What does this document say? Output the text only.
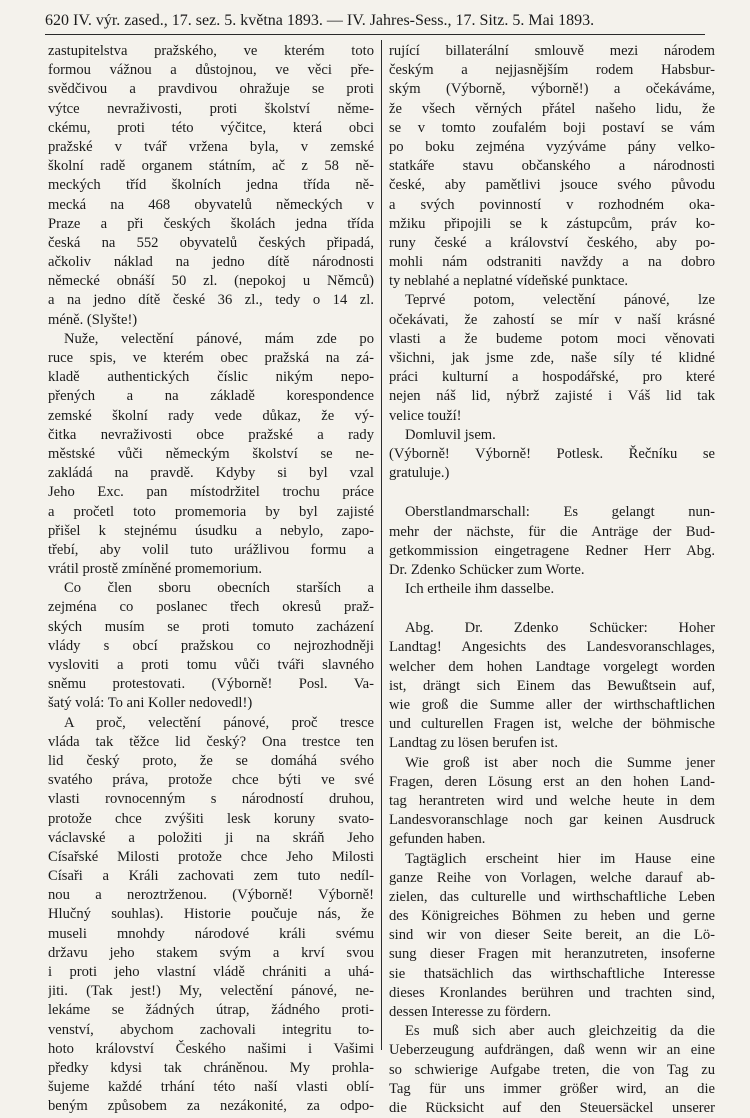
620 IV. výr. zased., 17. sez. 5. května 1893. — IV. Jahres-Sess., 17. Sitz. 5. Mai 1893.
zastupitelstva pražského, ve kterém toto
formou vážnou a důstojnou, ve věci pře-
svědčivou a pravdivou ohražuje se proti
výtce nevraživosti, proti školství něme-
ckému, proti této výčitce, která obci
pražské v tvář vržena byla, v zemské
školní radě organem státním, ač z 58 ně-
meckých tříd školních jedna třída ně-
mecká na 468 obyvatelů německých v
Praze a při českých školách jedna třída
česká na 552 obyvatelů českých připadá,
ačkoliv náklad na jedno dítě národnosti
německé obnáší 50 zl. (nepokoj u Němců)
a na jedno dítě české 36 zl., tedy o 14 zl.
méně. (Slyšte!)
Nuže, velectění pánové, mám zde po
ruce spis, ve kterém obec pražská na zá-
kladě authentických číslic nikým nepo-
přených a na základě korespondence
zemské školní rady vede důkaz, že vý-
čitka nevraživosti obce pražské a rady
městské vůči německým školství se ne-
zakládá na pravdě. Kdyby si byl vzal
Jeho Exc. pan místodržitel trochu práce
a pročetl toto promemoria by byl zajisté
přišel k stejnému úsudku a nebylo, zapo-
třebí, aby volil tuto urážlivou formu a
vrátil prostě zmíněné promemorium.
Co člen sboru obecních starších a
zejména co poslanec třech okresů praž-
ských musím se proti tomuto zacházení
vlády s obcí pražskou co nejrozhodněji
vysloviti a proti tomu vůči tváři slavného
sněmu protestovati. (Výborně! Posl. Va-
šatý volá: To ani Koller nedovedl!)
A proč, velectění pánové, proč tresce
vláda tak těžce lid český? Ona trestce ten
lid český proto, že se domáhá svého
svatého práva, protože chce býti ve své
vlasti rovnocenným s národností druhou,
protože chce zvýšiti lesk koruny svato-
václavské a položiti ji na skráň Jeho
Císařské Milosti protože chce Jeho Milosti
Císaři a Králi zachovati zem tuto nedíl-
nou a neroztrženou. (Výborně! Výborně!
Hlučný souhlas). Historie poučuje nás, že
museli mnohdy národové králi svému
državu jeho stakem svým a krví svou
i proti jeho vlastní vládě chrániti a uhá-
jiti. (Tak jest!) My, velectění pánové, ne-
lekáme se žádných útrap, žádného proti-
venství, abychom zachovali integritu to-
hoto království Českého našimi i Vašimi
předky kdysi tak chráněnou. My prohla-
šujeme každé trhání této naší vlasti oblí-
beným způsobem za nezákonité, za odpo-
rující billaterální smlouvě mezi národem
českým a nejjasnějším rodem Habsbur-
ským (Výborně, výborně!) a očekáváme,
že všech věrných přátel našeho lidu, že
se v tomto zoufalém boji postaví se vám
po boku zejména vyzýváme pány velko-
statkáře stavu občanského a národnosti
české, aby pamětlivi jsouce svého původu
a svých povinností v rozhodném oka-
mžiku připojili se k zástupcům, práv ko-
runy české a království českého, aby po-
mohli nám odstraniti navždy a na dobro
ty neblahé a neplatné vídeňské punktace.
Teprvé potom, velectění pánové, lze
očekávati, že zahostí se mír v naší krásné
vlasti a že budeme potom moci věnovati
všichni, jak jsme zde, naše síly té klidné
práci kulturní a hospodářské, pro které
nejen náš lid, nýbrž zajisté i Váš lid tak
velice touží!
Domluvil jsem.
(Výborně! Výborně! Potlesk. Řečníku se
gratuluje.)
Oberstlandmarschall: Es gelangt nun-
mehr der nächste, für die Anträge der Bud-
getkommission eingetragene Redner Herr Abg.
Dr. Zdenko Schücker zum Worte.
Ich ertheile ihm dasselbe.
Abg. Dr. Zdenko Schücker: Hoher
Landtag! Angesichts des Landesvoranschlages,
welcher dem hohen Landtage vorgelegt worden
ist, drängt sich Einem das Bewußtsein auf,
wie groß die Summe aller der wirthschaftlichen
und culturellen Fragen ist, welche der böhmische
Landtag zu lösen berufen ist.
Wie groß ist aber noch die Summe jener
Fragen, deren Lösung erst an den hohen Land-
tag herantreten wird und welche heute in dem
Landesvoranschlage noch gar keinen Ausdruck
gefunden haben.
Tagtäglich erscheint hier im Hause eine
ganze Reihe von Vorlagen, welche darauf ab-
zielen, das culturelle und wirthschaftliche Leben
des Königreiches Böhmen zu heben und gerne
sind wir von dieser Seite bereit, an die Lö-
sung dieser Fragen mit heranzutreten, insoferne
sie thatsächlich das wirthschaftliche Interesse
dieses Kronlandes berühren und trachten sind,
dessen Interesse zu fördern.
Es muß sich aber auch gleichzeitig da die
Ueberzeugung aufdrängen, daß wenn wir an eine
so schwierige Aufgabe treten, die von Tag zu
Tag für uns immer größer wird, an die
die Rücksicht auf den Steuersäckel unserer
